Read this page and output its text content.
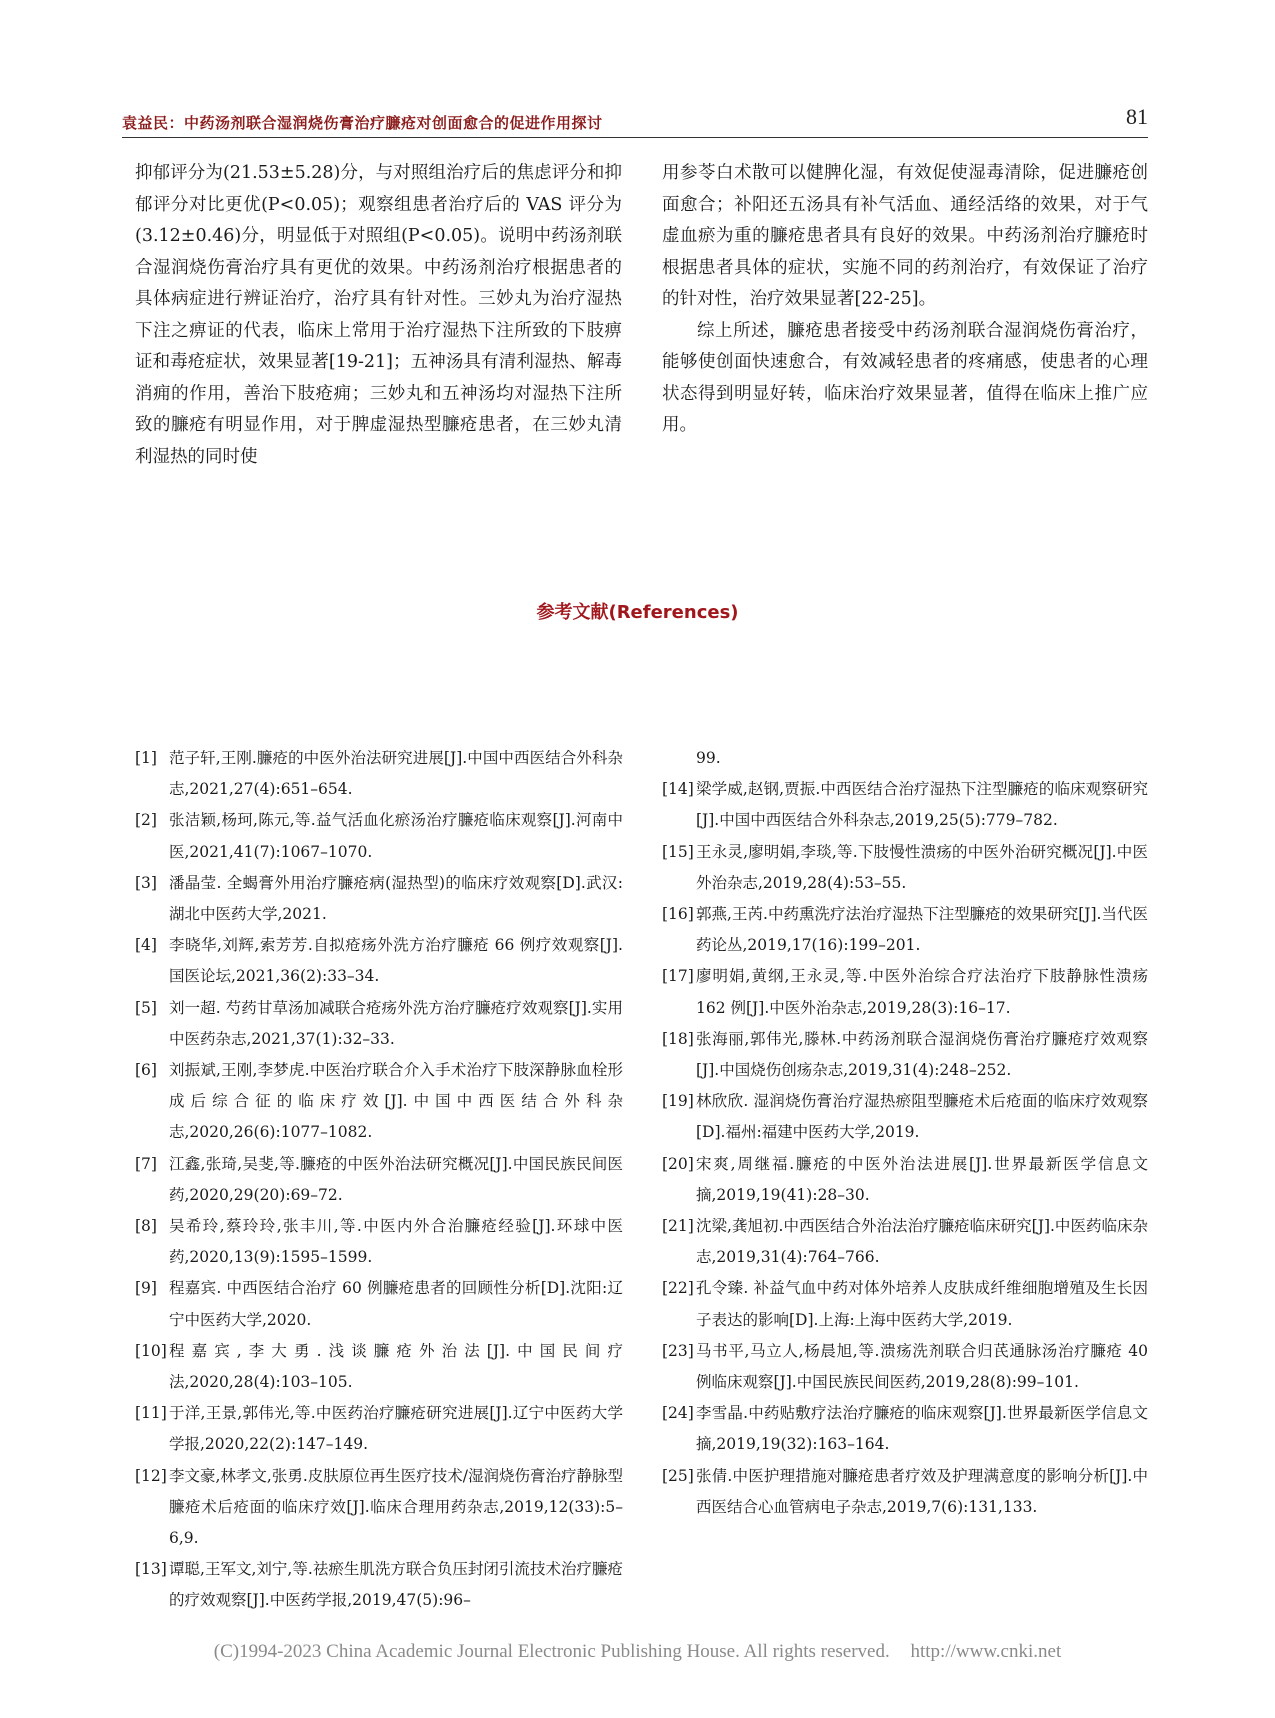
袁益民：中药汤剂联合湿润烧伤膏治疗臁疮对创面愈合的促进作用探讨	81

抑郁评分为(21.53±5.28)分，与对照组治疗后的焦虑评分和抑郁评分对比更优(P<0.05)；观察组患者治疗后的 VAS 评分为(3.12±0.46)分，明显低于对照组(P<0.05)。说明中药汤剂联合湿润烧伤膏治疗具有更优的效果。中药汤剂治疗根据患者的具体病症进行辨证治疗，治疗具有针对性。三妙丸为治疗湿热下注之痹证的代表，临床上常用于治疗湿热下注所致的下肢痹证和毒疮症状，效果显著[19-21]；五神汤具有清利湿热、解毒消痈的作用，善治下肢疮痈；三妙丸和五神汤均对湿热下注所致的臁疮有明显作用，对于脾虚湿热型臁疮患者，在三妙丸清利湿热的同时使

用参苓白术散可以健脾化湿，有效促使湿毒清除，促进臁疮创面愈合；补阳还五汤具有补气活血、通经活络的效果，对于气虚血瘀为重的臁疮患者具有良好的效果。中药汤剂治疗臁疮时根据患者具体的症状，实施不同的药剂治疗，有效保证了治疗的针对性，治疗效果显著[22-25]。

综上所述，臁疮患者接受中药汤剂联合湿润烧伤膏治疗，能够使创面快速愈合，有效减轻患者的疼痛感，使患者的心理状态得到明显好转，临床治疗效果显著，值得在临床上推广应用。

参考文献(References)
[1] 范子轩,王刚.臁疮的中医外治法研究进展[J].中国中西医结合外科杂志,2021,27(4):651–654.
[2] 张洁颖,杨珂,陈元,等.益气活血化瘀汤治疗臁疮临床观察[J].河南中医,2021,41(7):1067–1070.
[3] 潘晶莹. 全蝎膏外用治疗臁疮病(湿热型)的临床疗效观察[D].武汉:湖北中医药大学,2021.
[4] 李晓华,刘辉,索芳芳.自拟疮疡外洗方治疗臁疮 66 例疗效观察[J].国医论坛,2021,36(2):33–34.
[5] 刘一超. 芍药甘草汤加减联合疮疡外洗方治疗臁疮疗效观察[J].实用中医药杂志,2021,37(1):32–33.
[6] 刘振斌,王刚,李梦虎.中医治疗联合介入手术治疗下肢深静脉血栓形成后综合征的临床疗效[J].中国中西医结合外科杂志,2020,26(6):1077–1082.
[7] 江鑫,张琦,吴斐,等.臁疮的中医外治法研究概况[J].中国民族民间医药,2020,29(20):69–72.
[8] 吴希玲,蔡玲玲,张丰川,等.中医内外合治臁疮经验[J].环球中医药,2020,13(9):1595–1599.
[9] 程嘉宾. 中西医结合治疗 60 例臁疮患者的回顾性分析[D].沈阳:辽宁中医药大学,2020.
[10] 程嘉宾,李大勇.浅谈臁疮外治法[J].中国民间疗法,2020,28(4):103–105.
[11] 于洋,王景,郭伟光,等.中医药治疗臁疮研究进展[J].辽宁中医药大学学报,2020,22(2):147–149.
[12] 李文豪,林孝文,张勇.皮肤原位再生医疗技术/湿润烧伤膏治疗静脉型臁疮术后疮面的临床疗效[J].临床合理用药杂志,2019,12(33):5–6,9.
[13] 谭聪,王军文,刘宁,等.祛瘀生肌洗方联合负压封闭引流技术治疗臁疮的疗效观察[J].中医药学报,2019,47(5):96–
99.
[14] 梁学威,赵钢,贾振.中西医结合治疗湿热下注型臁疮的临床观察研究[J].中国中西医结合外科杂志,2019,25(5):779–782.
[15] 王永灵,廖明娟,李琰,等.下肢慢性溃疡的中医外治研究概况[J].中医外治杂志,2019,28(4):53–55.
[16] 郭燕,王芮.中药熏洗疗法治疗湿热下注型臁疮的效果研究[J].当代医药论丛,2019,17(16):199–201.
[17] 廖明娟,黄纲,王永灵,等.中医外治综合疗法治疗下肢静脉性溃疡 162 例[J].中医外治杂志,2019,28(3):16–17.
[18] 张海丽,郭伟光,滕林.中药汤剂联合湿润烧伤膏治疗臁疮疗效观察[J].中国烧伤创疡杂志,2019,31(4):248–252.
[19] 林欣欣. 湿润烧伤膏治疗湿热瘀阻型臁疮术后疮面的临床疗效观察[D].福州:福建中医药大学,2019.
[20] 宋爽,周继福.臁疮的中医外治法进展[J].世界最新医学信息文摘,2019,19(41):28–30.
[21] 沈梁,龚旭初.中西医结合外治法治疗臁疮临床研究[J].中医药临床杂志,2019,31(4):764–766.
[22] 孔令臻. 补益气血中药对体外培养人皮肤成纤维细胞增殖及生长因子表达的影响[D].上海:上海中医药大学,2019.
[23] 马书平,马立人,杨晨旭,等.溃疡洗剂联合归芪通脉汤治疗臁疮 40 例临床观察[J].中国民族民间医药,2019,28(8):99–101.
[24] 李雪晶.中药贴敷疗法治疗臁疮的临床观察[J].世界最新医学信息文摘,2019,19(32):163–164.
[25] 张倩.中医护理措施对臁疮患者疗效及护理满意度的影响分析[J].中西医结合心血管病电子杂志,2019,7(6):131,133.
(C)1994-2023 China Academic Journal Electronic Publishing House. All rights reserved. http://www.cnki.net
